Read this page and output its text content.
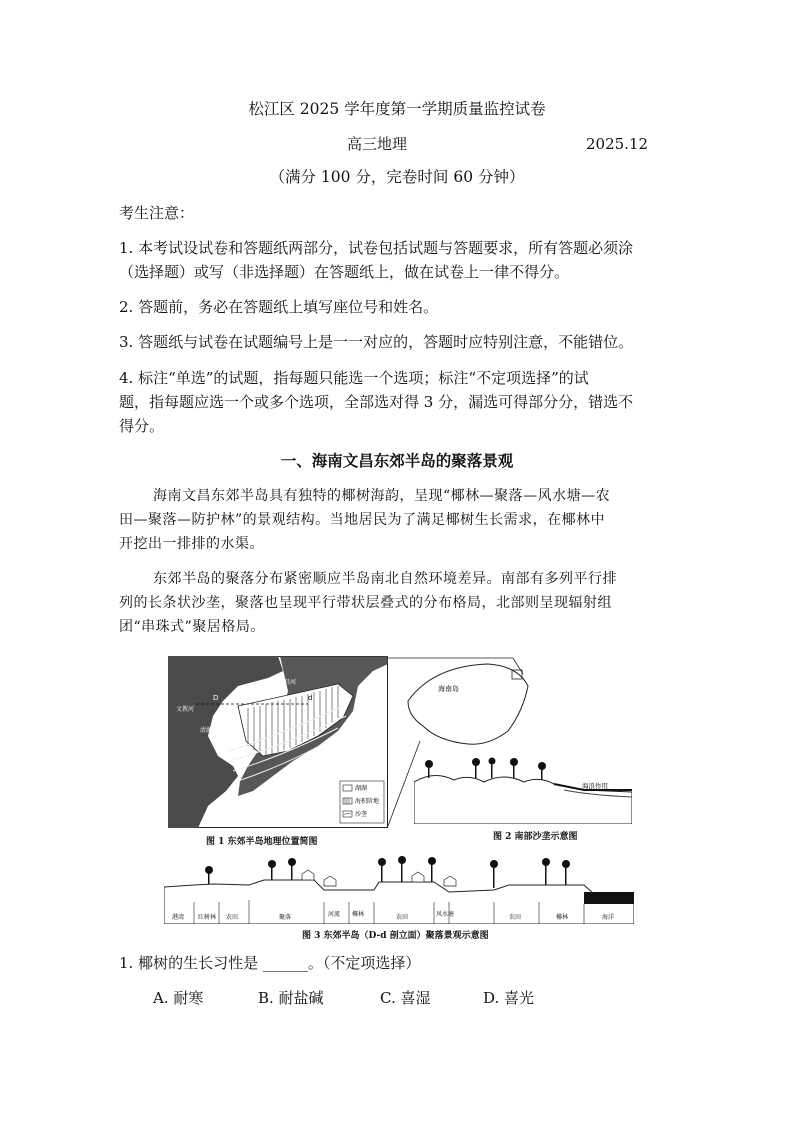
松江区 2025 学年度第一学期质量监控试卷
高三地理	2025.12
（满分 100 分，完卷时间 60 分钟）
考生注意：
1. 本考试设试卷和答题纸两部分，试卷包括试题与答题要求，所有答题必须涂
（选择题）或写（非选择题）在答题纸上，做在试卷上一律不得分。
2. 答题前，务必在答题纸上填写座位号和姓名。
3. 答题纸与试卷在试题编号上是一一对应的，答题时应特别注意，不能错位。
4. 标注“单选”的试题，指每题只能选一个选项；标注“不定项选择”的试
题，指每题应选一个或多个选项，全部选对得 3 分，漏选可得部分分，错选不
得分。
一、海南文昌东郊半岛的聚落景观
海南文昌东郊半岛具有独特的椰树海韵，呈现“椰林—聚落—风水塘—农
田—聚落—防护林”的景观结构。当地居民为了满足椰树生长需求，在椰林中
开挖出一排排的水渠。
东郊半岛的聚落分布紧密顺应半岛南北自然环境差异。南部有多列平行排
列的长条状沙垄，聚落也呈现平行带状层叠式的分布格局，北部则呈现辐射组
团“串珠式”聚居格局。
文教河
文昌河
清澜
D	d
南海
湖湖
海积阶地
沙垄
海南岛
海浪作用
图 1 东郊半岛地理位置简图	图 2 南部沙垄示意图
港湾 红树林 农田	聚落	河流 椰林	农田	风水塘	农田	椰林	海洋
图 3 东郊半岛（D-d 剖立面）聚落景观示意图
1. 椰树的生长习性是 ______。（不定项选择）
A. 耐寒	B. 耐盐碱	C. 喜湿	D. 喜光
